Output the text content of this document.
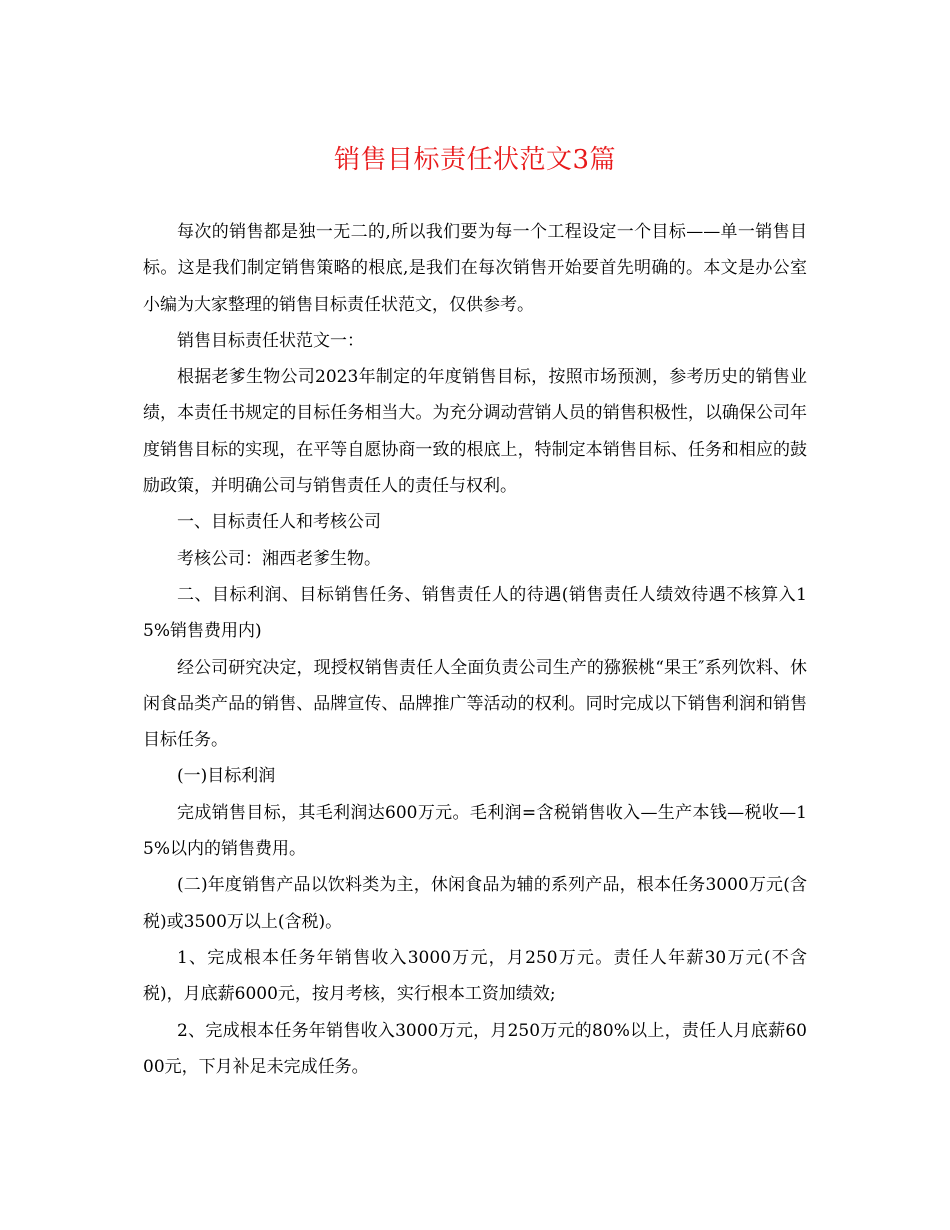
销售目标责任状范文3篇

每次的销售都是独一无二的,所以我们要为每一个工程设定一个目标——单一销售目标。这是我们制定销售策略的根底,是我们在每次销售开始要首先明确的。本文是办公室小编为大家整理的销售目标责任状范文，仅供参考。

销售目标责任状范文一：

根据老爹生物公司2023年制定的年度销售目标，按照市场预测，参考历史的销售业绩，本责任书规定的目标任务相当大。为充分调动营销人员的销售积极性，以确保公司年度销售目标的实现，在平等自愿协商一致的根底上，特制定本销售目标、任务和相应的鼓励政策，并明确公司与销售责任人的责任与权利。

一、目标责任人和考核公司

考核公司：湘西老爹生物。

二、目标利润、目标销售任务、销售责任人的待遇(销售责任人绩效待遇不核算入15%销售费用内)

经公司研究决定，现授权销售责任人全面负责公司生产的猕猴桃“果王″系列饮料、休闲食品类产品的销售、品牌宣传、品牌推广等活动的权利。同时完成以下销售利润和销售目标任务。

(一)目标利润

完成销售目标，其毛利润达600万元。毛利润=含税销售收入—生产本钱—税收—15%以内的销售费用。

(二)年度销售产品以饮料类为主，休闲食品为辅的系列产品，根本任务3000万元(含税)或3500万以上(含税)。

1、完成根本任务年销售收入3000万元，月250万元。责任人年薪30万元(不含税)，月底薪6000元，按月考核，实行根本工资加绩效;

2、完成根本任务年销售收入3000万元，月250万元的80%以上，责任人月底薪6000元，下月补足未完成任务。
